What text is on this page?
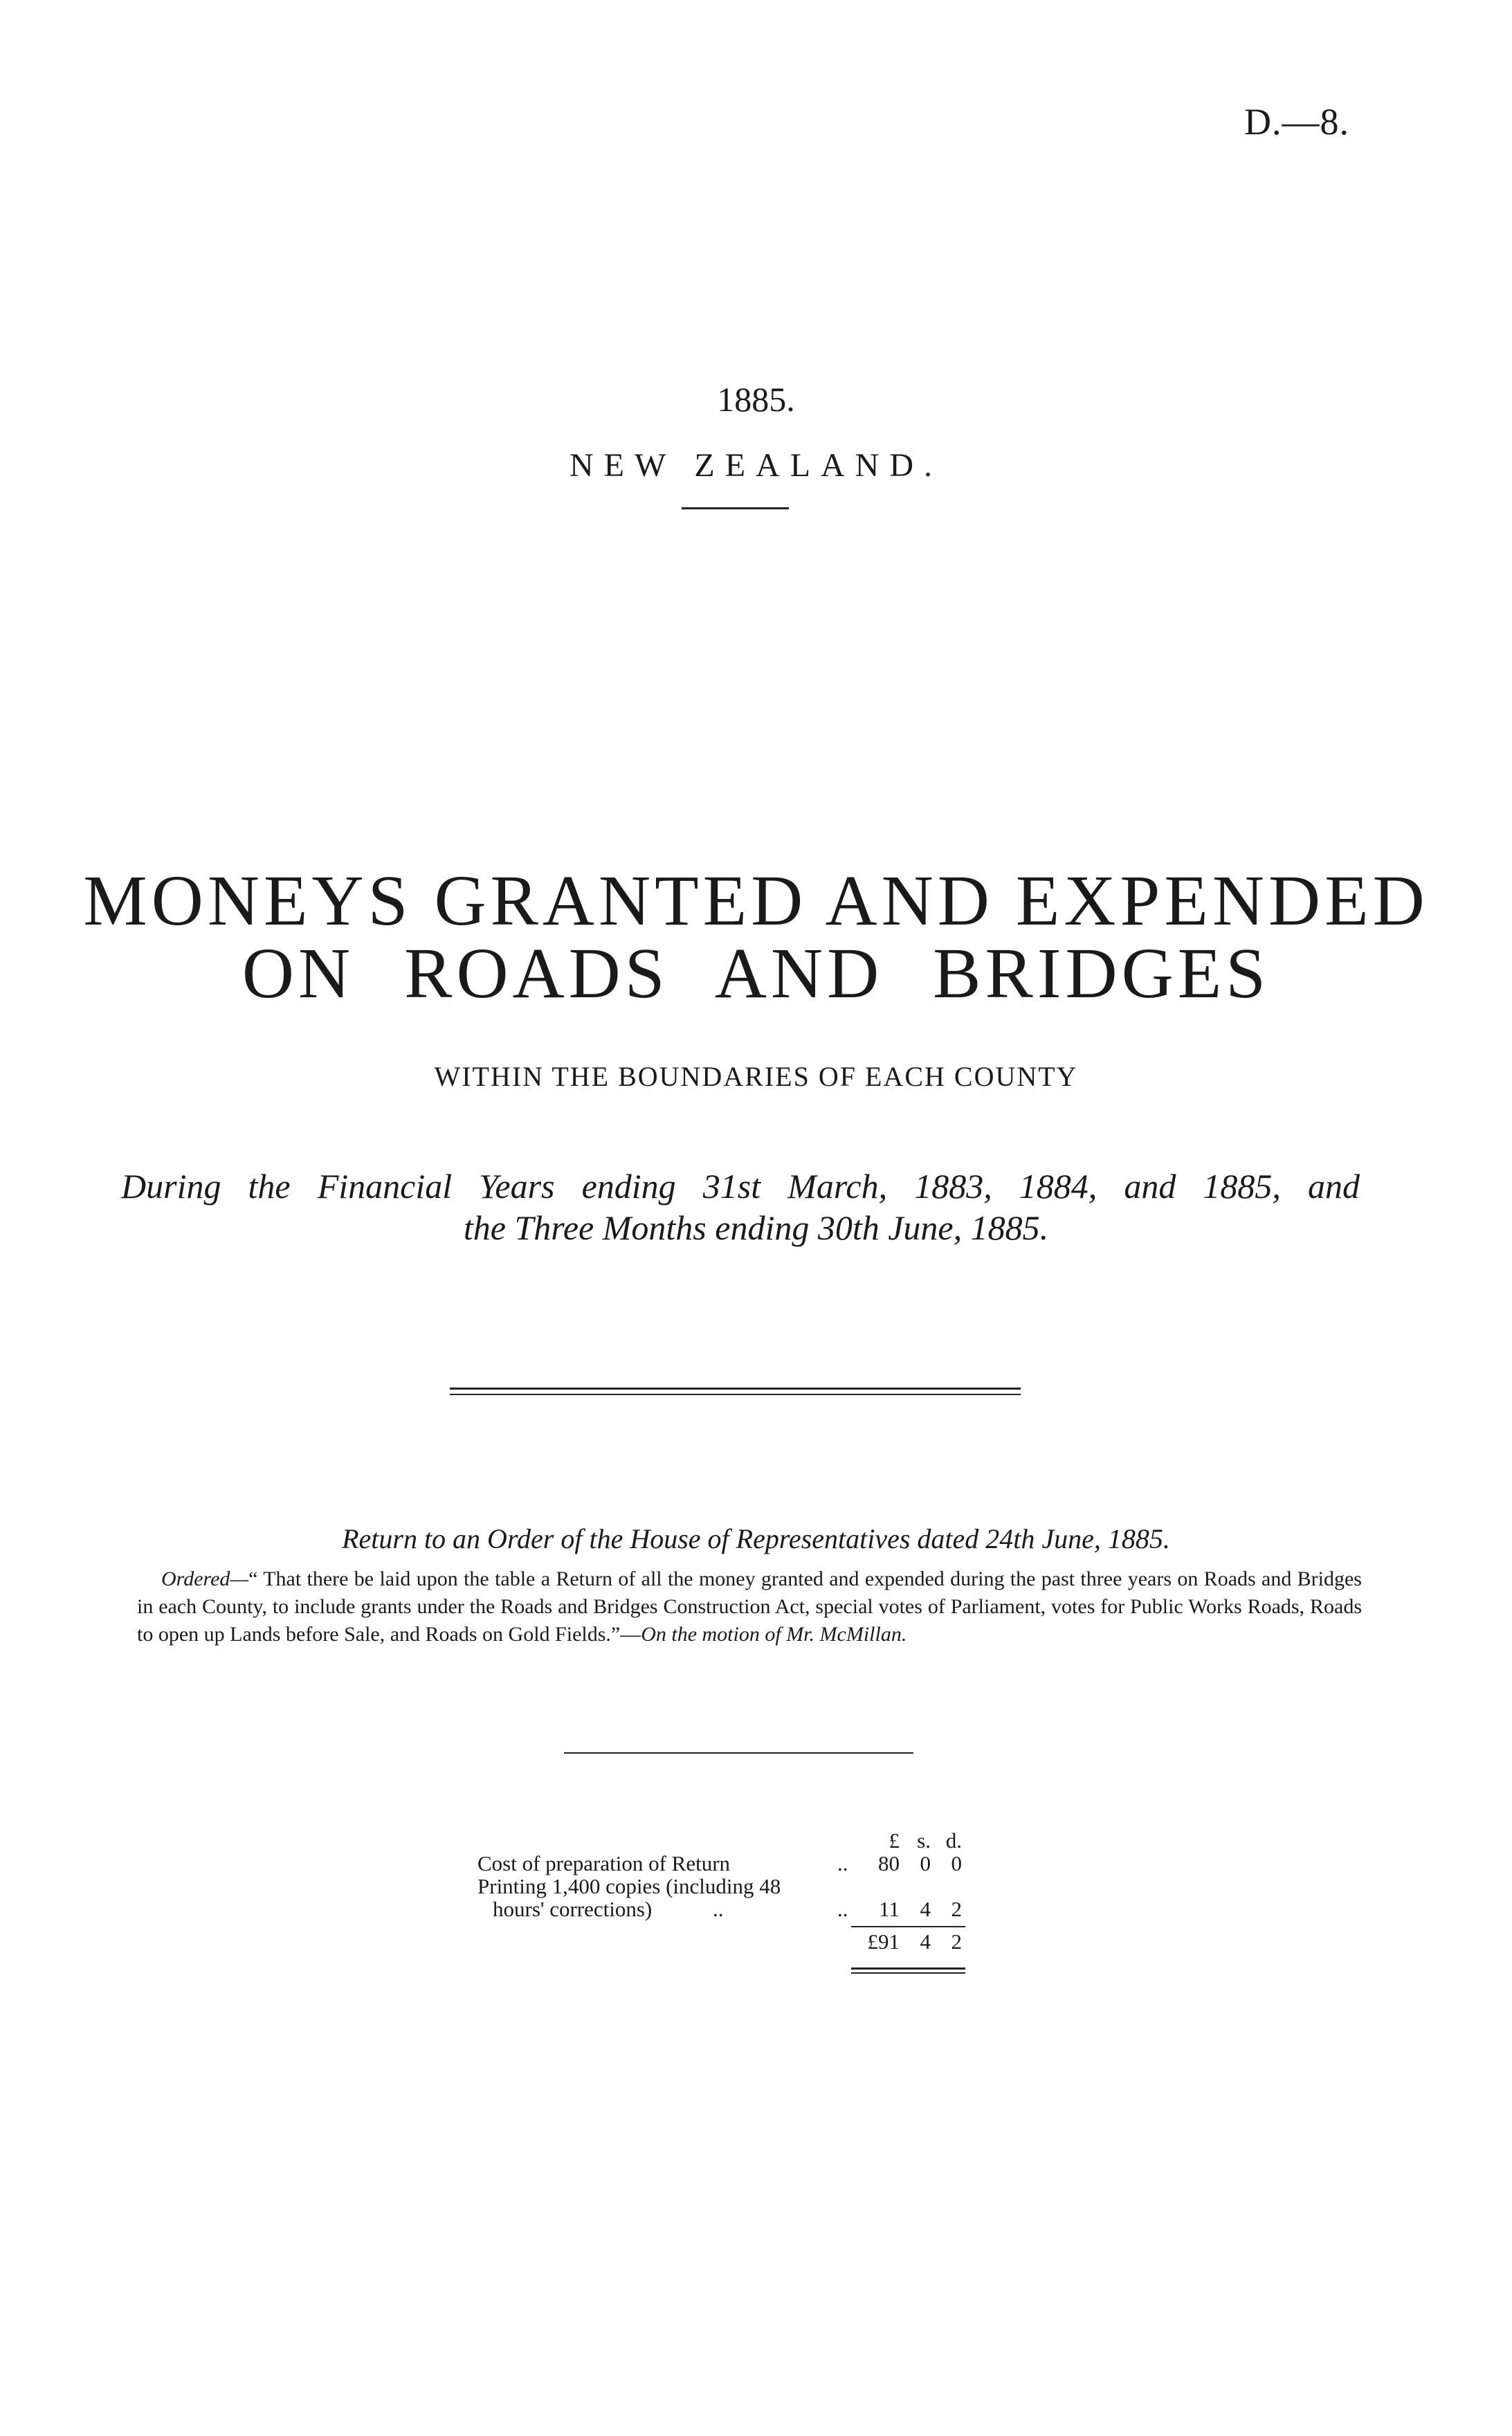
D.—8.
1885.
NEW ZEALAND.
MONEYS GRANTED AND EXPENDED
ON ROADS AND BRIDGES
WITHIN THE BOUNDARIES OF EACH COUNTY
During the Financial Years ending 31st March, 1883, 1884, and 1885, and
the Three Months ending 30th June, 1885.
Return to an Order of the House of Representatives dated 24th June, 1885.
Ordered—“ That there be laid upon the table a Return of all the money granted and expended during the past three years on Roads and Bridges in each County, to include grants under the Roads and Bridges Construction Act, special votes of Parliament, votes for Public Works Roads, Roads to open up Lands before Sale, and Roads on Gold Fields.”—On the motion of Mr. McMillan.
£ s. d.
Cost of preparation of Return	..	80 0 0
Printing 1,400 copies (including 48
hours' corrections)	..	..	11 4 2
£91 4 2
